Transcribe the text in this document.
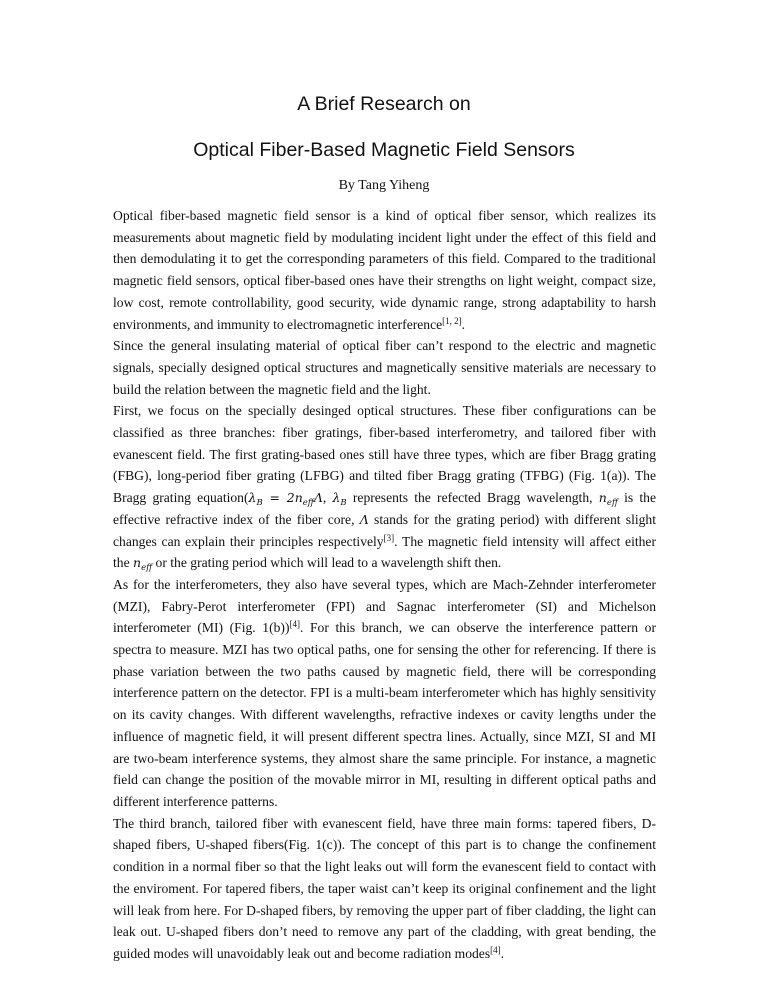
A Brief Research on
Optical Fiber-Based Magnetic Field Sensors

By Tang Yiheng

Optical fiber-based magnetic field sensor is a kind of optical fiber sensor, which realizes its measurements about magnetic field by modulating incident light under the effect of this field and then demodulating it to get the corresponding parameters of this field. Compared to the traditional magnetic field sensors, optical fiber-based ones have their strengths on light weight, compact size, low cost, remote controllability, good security, wide dynamic range, strong adaptability to harsh environments, and immunity to electromagnetic interference[1, 2].

Since the general insulating material of optical fiber can’t respond to the electric and magnetic signals, specially designed optical structures and magnetically sensitive materials are necessary to build the relation between the magnetic field and the light.

First, we focus on the specially desinged optical structures. These fiber configurations can be classified as three branches: fiber gratings, fiber-based interferometry, and tailored fiber with evanescent field. The first grating-based ones still have three types, which are fiber Bragg grating (FBG), long-period fiber grating (LFBG) and tilted fiber Bragg grating (TFBG) (Fig. 1(a)). The Bragg grating $equation(\lambda_B = 2n_{eff}\Lambda$, $\lambda_B$ represents the refected Bragg wavelength, $n_{eff}$ is the effective refractive index of the fiber core, Λ stands for the grating period) with different slight changes can explain their principles respectively[3]. The magnetic field intensity will affect either the $n_{eff}$ or the grating period which will lead to a wavelength shift then.

As for the interferometers, they also have several types, which are Mach-Zehnder interferometer (MZI), Fabry-Perot interferometer (FPI) and Sagnac interferometer (SI) and Michelson interferometer (MI) (Fig. 1(b))[4]. For this branch, we can observe the interference pattern or spectra to measure. MZI has two optical paths, one for sensing the other for referencing. If there is phase variation between the two paths caused by magnetic field, there will be corresponding interference pattern on the detector. FPI is a multi-beam interferometer which has highly sensitivity on its cavity changes. With different wavelengths, refractive indexes or cavity lengths under the influence of magnetic field, it will present different spectra lines. Actually, since MZI, SI and MI are two-beam interference systems, they almost share the same principle. For instance, a magnetic field can change the position of the movable mirror in MI, resulting in different optical paths and different interference patterns.

The third branch, tailored fiber with evanescent field, have three main forms: tapered fibers, D-shaped fibers, U-shaped fibers(Fig. 1(c)). The concept of this part is to change the confinement condition in a normal fiber so that the light leaks out will form the evanescent field to contact with the enviroment. For tapered fibers, the taper waist can’t keep its original confinement and the light will leak from here. For D-shaped fibers, by removing the upper part of fiber cladding, the light can leak out. U-shaped fibers don’t need to remove any part of the cladding, with great bending, the guided modes will unavoidably leak out and become radiation modes[4].
